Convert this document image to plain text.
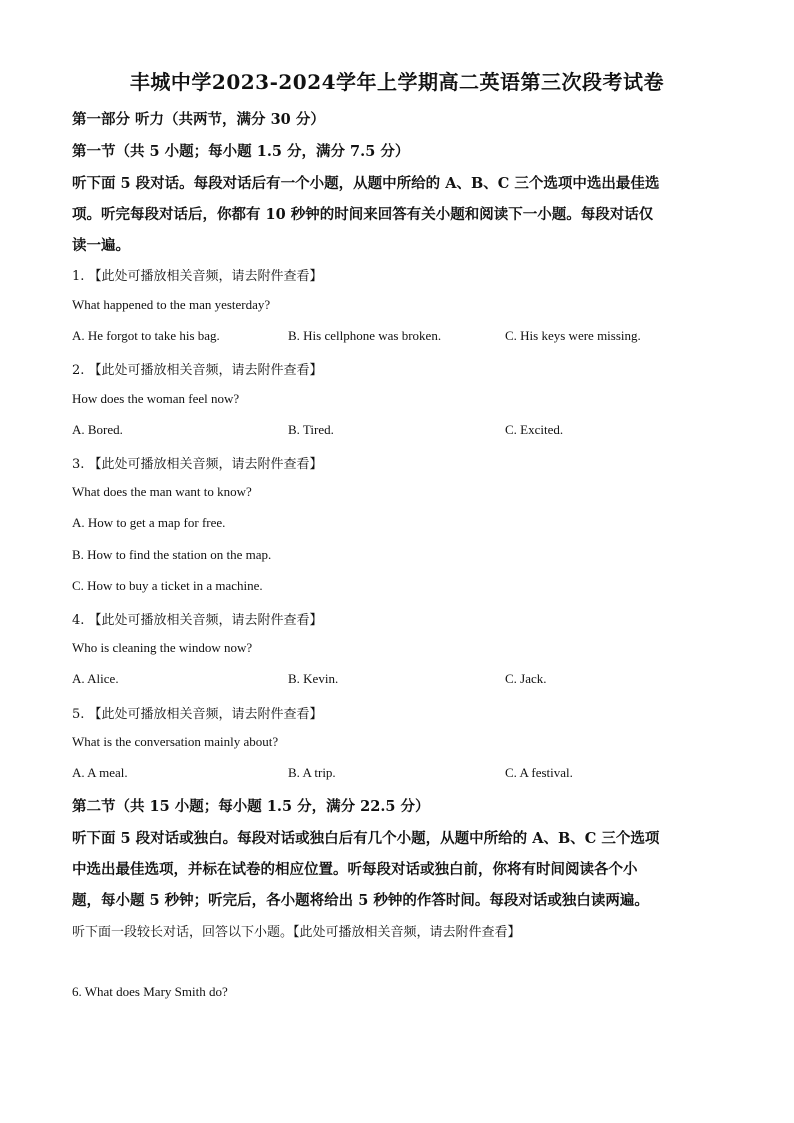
丰城中学2023-2024学年上学期高二英语第三次段考试卷
第一部分 听力（共两节，满分 30 分）
第一节（共 5 小题；每小题 1.5 分，满分 7.5 分）
听下面 5 段对话。每段对话后有一个小题，从题中所给的 A、B、C 三个选项中选出最佳选
项。听完每段对话后，你都有 10 秒钟的时间来回答有关小题和阅读下一小题。每段对话仅
读一遍。
1. 【此处可播放相关音频，请去附件查看】
What happened to the man yesterday?
A. He forgot to take his bag.	B. His cellphone was broken.	C. His keys were missing.
2. 【此处可播放相关音频，请去附件查看】
How does the woman feel now?
A. Bored.	B. Tired.	C. Excited.
3. 【此处可播放相关音频，请去附件查看】
What does the man want to know?
A. How to get a map for free.
B. How to find the station on the map.
C. How to buy a ticket in a machine.
4. 【此处可播放相关音频，请去附件查看】
Who is cleaning the window now?
A. Alice.	B. Kevin.	C. Jack.
5. 【此处可播放相关音频，请去附件查看】
What is the conversation mainly about?
A. A meal.	B. A trip.	C. A festival.
第二节（共 15 小题；每小题 1.5 分，满分 22.5 分）
听下面 5 段对话或独白。每段对话或独白后有几个小题，从题中所给的 A、B、C 三个选项
中选出最佳选项，并标在试卷的相应位置。听每段对话或独白前，你将有时间阅读各个小
题，每小题 5 秒钟；听完后，各小题将给出 5 秒钟的作答时间。每段对话或独白读两遍。
听下面一段较长对话，回答以下小题。【此处可播放相关音频，请去附件查看】
6. What does Mary Smith do?
